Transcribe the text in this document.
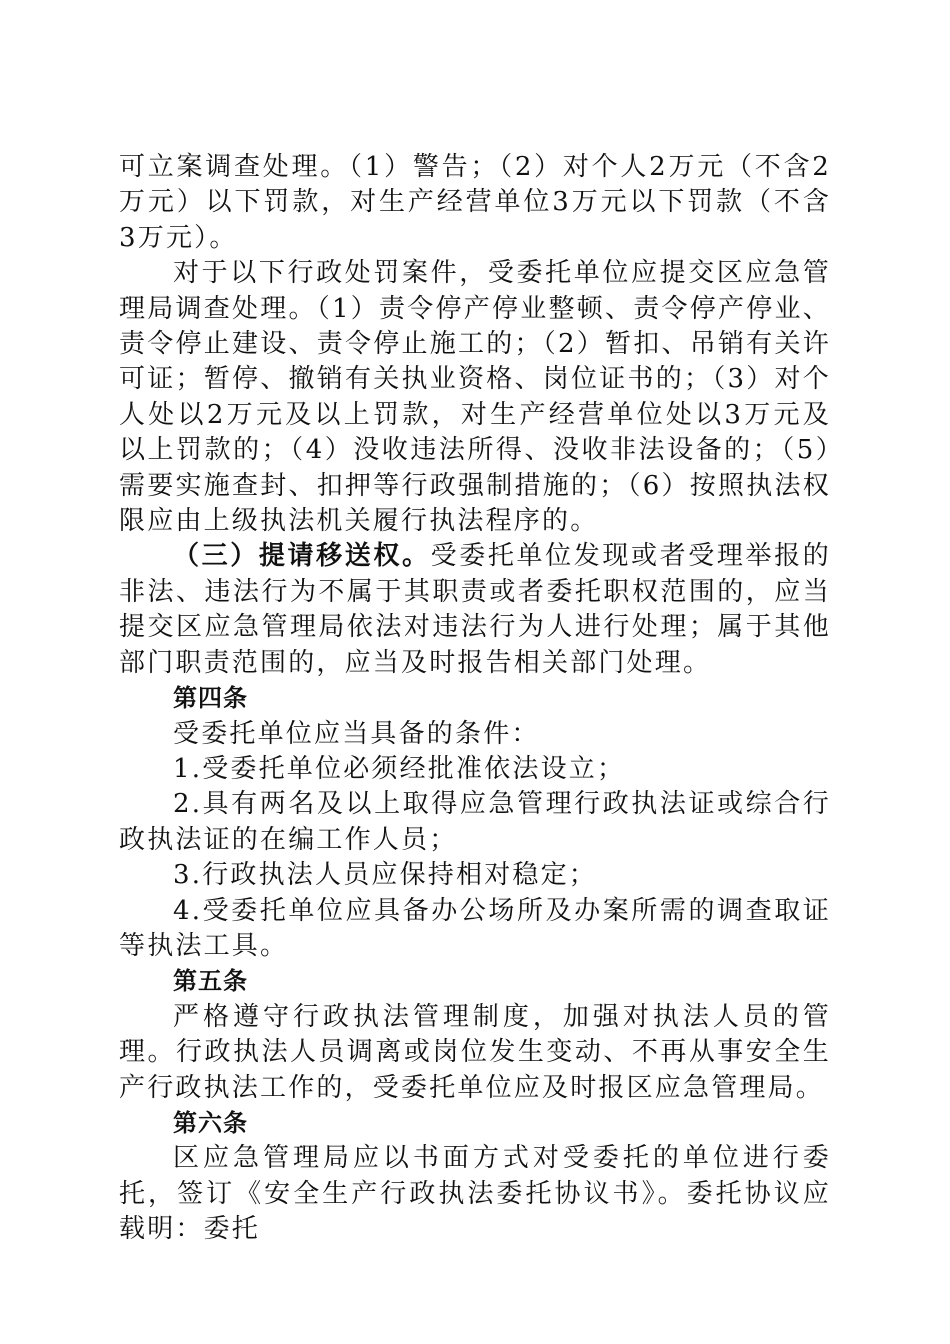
可立案调查处理。（1）警告；（2）对个人2万元（不含2万元）以下罚款，对生产经营单位3万元以下罚款（不含3万元）。

对于以下行政处罚案件，受委托单位应提交区应急管理局调查处理。（1）责令停产停业整顿、责令停产停业、责令停止建设、责令停止施工的；（2）暂扣、吊销有关许可证；暂停、撤销有关执业资格、岗位证书的；（3）对个人处以2万元及以上罚款，对生产经营单位处以3万元及以上罚款的；（4）没收违法所得、没收非法设备的；（5）需要实施查封、扣押等行政强制措施的；（6）按照执法权限应由上级执法机关履行执法程序的。

（三）提请移送权。受委托单位发现或者受理举报的非法、违法行为不属于其职责或者委托职权范围的，应当提交区应急管理局依法对违法行为人进行处理；属于其他部门职责范围的，应当及时报告相关部门处理。

第四条

受委托单位应当具备的条件：

1.受委托单位必须经批准依法设立；

2.具有两名及以上取得应急管理行政执法证或综合行政执法证的在编工作人员；

3.行政执法人员应保持相对稳定；

4.受委托单位应具备办公场所及办案所需的调查取证等执法工具。

第五条

严格遵守行政执法管理制度，加强对执法人员的管理。行政执法人员调离或岗位发生变动、不再从事安全生产行政执法工作的，受委托单位应及时报区应急管理局。

第六条

区应急管理局应以书面方式对受委托的单位进行委托，签订《安全生产行政执法委托协议书》。委托协议应载明：委托
